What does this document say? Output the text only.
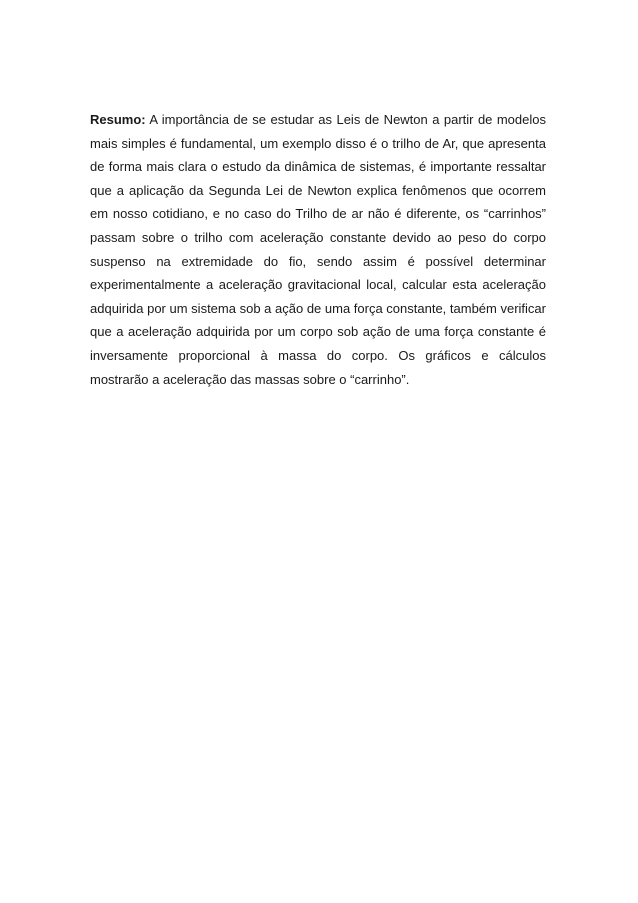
Resumo: A importância de se estudar as Leis de Newton a partir de modelos mais simples é fundamental, um exemplo disso é o trilho de Ar, que apresenta de forma mais clara o estudo da dinâmica de sistemas, é importante ressaltar que a aplicação da Segunda Lei de Newton explica fenômenos que ocorrem em nosso cotidiano, e no caso do Trilho de ar não é diferente, os “carrinhos” passam sobre o trilho com aceleração constante devido ao peso do corpo suspenso na extremidade do fio, sendo assim é possível determinar experimentalmente a aceleração gravitacional local, calcular esta aceleração adquirida por um sistema sob a ação de uma força constante, também verificar que a aceleração adquirida por um corpo sob ação de uma força constante é inversamente proporcional à massa do corpo. Os gráficos e cálculos mostrarão a aceleração das massas sobre o “carrinho”.
